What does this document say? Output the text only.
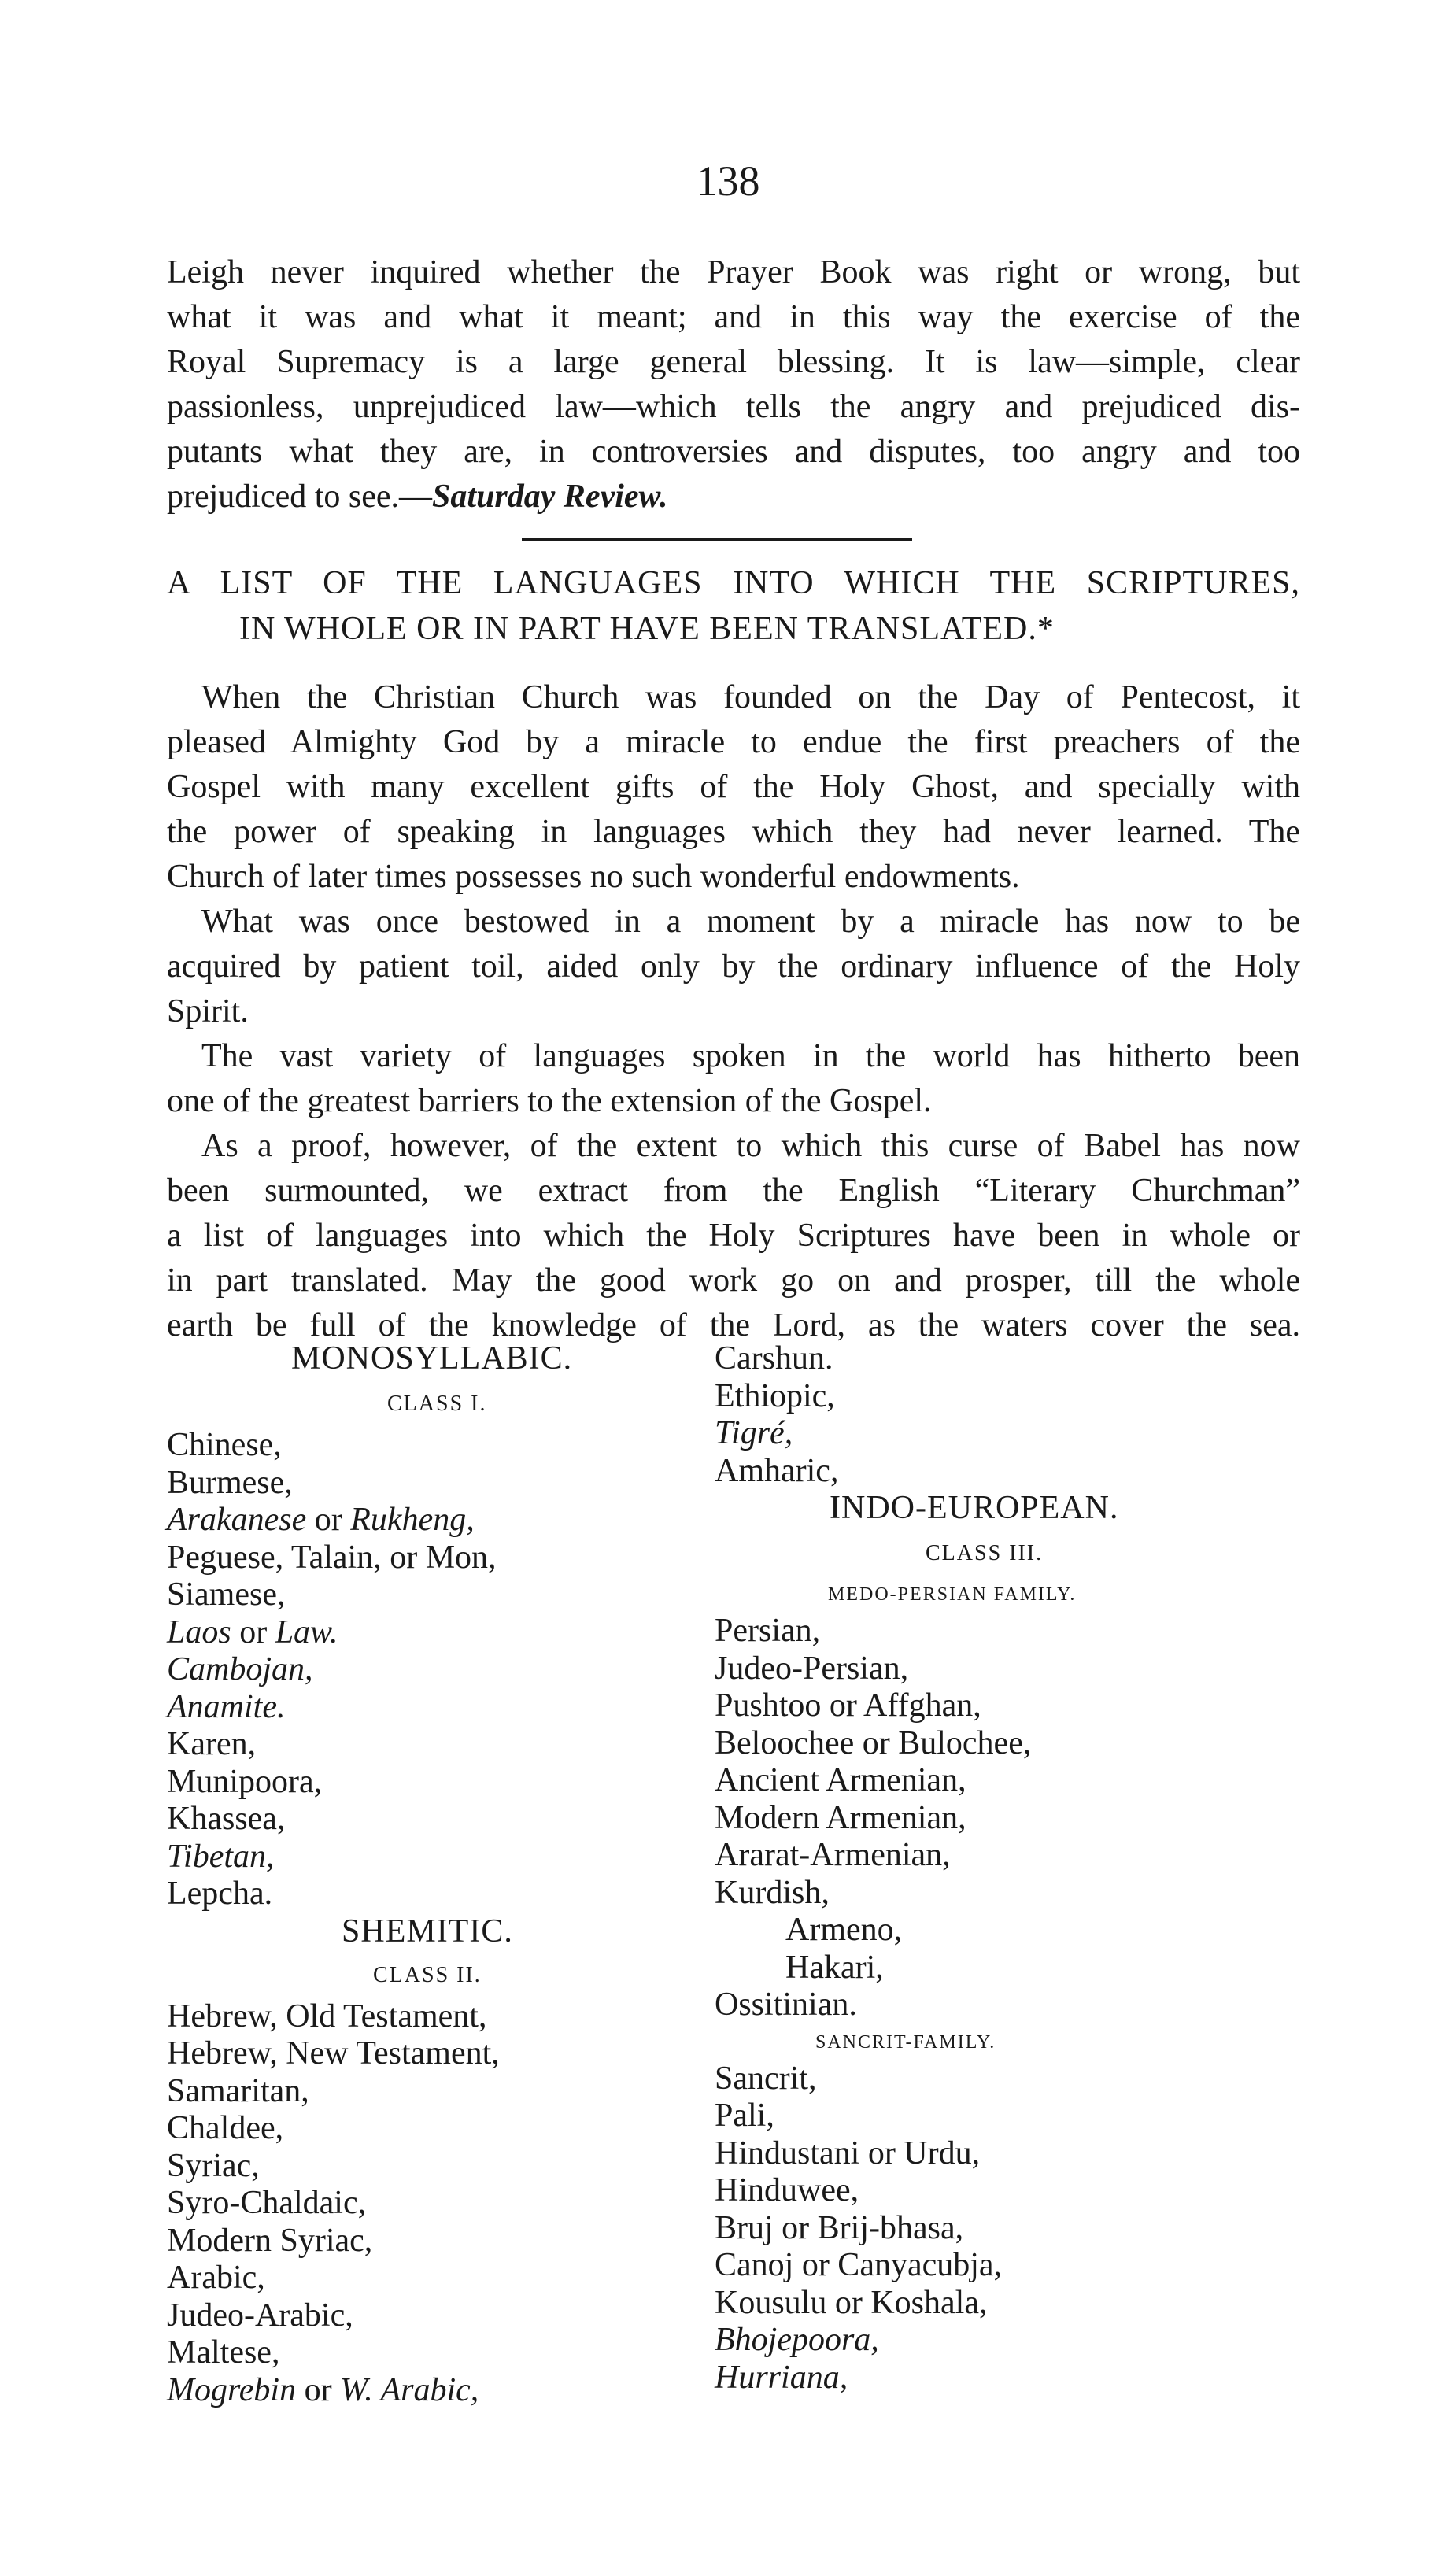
138
Leigh never inquired whether the Prayer Book was right or wrong, but
what it was and what it meant; and in this way the exercise of the
Royal Supremacy is a large general blessing. It is law—simple, clear
passionless, unprejudiced law—which tells the angry and prejudiced dis-
putants what they are, in controversies and disputes, too angry and too
prejudiced to see.—Saturday Review.
A LIST OF THE LANGUAGES INTO WHICH THE SCRIPTURES,
IN WHOLE OR IN PART HAVE BEEN TRANSLATED.*
When the Christian Church was founded on the Day of Pentecost, it
pleased Almighty God by a miracle to endue the first preachers of the
Gospel with many excellent gifts of the Holy Ghost, and specially with
the power of speaking in languages which they had never learned. The
Church of later times possesses no such wonderful endowments.
What was once bestowed in a moment by a miracle has now to be
acquired by patient toil, aided only by the ordinary influence of the Holy
Spirit.
The vast variety of languages spoken in the world has hitherto been
one of the greatest barriers to the extension of the Gospel.
As a proof, however, of the extent to which this curse of Babel has now
been surmounted, we extract from the English “Literary Churchman”
a list of languages into which the Holy Scriptures have been in whole or
in part translated. May the good work go on and prosper, till the whole
earth be full of the knowledge of the Lord, as the waters cover the sea.
MONOSYLLABIC.
CLASS I.
Chinese,
Burmese,
Arakanese or Rukheng,
Peguese, Talain, or Mon,
Siamese,
Laos or Law.
Cambojan,
Anamite.
Karen,
Munipoora,
Khassea,
Tibetan,
Lepcha.
SHEMITIC.
CLASS II.
Hebrew, Old Testament,
Hebrew, New Testament,
Samaritan,
Chaldee,
Syriac,
Syro-Chaldaic,
Modern Syriac,
Arabic,
Judeo-Arabic,
Maltese,
Mogrebin or W. Arabic,
Carshun.
Ethiopic,
Tigré,
Amharic,
INDO-EUROPEAN.
CLASS III.
MEDO-PERSIAN FAMILY.
Persian,
Judeo-Persian,
Pushtoo or Affghan,
Beloochee or Bulochee,
Ancient Armenian,
Modern Armenian,
Ararat-Armenian,
Kurdish,
Armeno,
Hakari,
Ossitinian.
SANCRIT-FAMILY.
Sancrit,
Pali,
Hindustani or Urdu,
Hinduwee,
Bruj or Brij-bhasa,
Canoj or Canyacubja,
Kousulu or Koshala,
Bhojepoora,
Hurriana,
